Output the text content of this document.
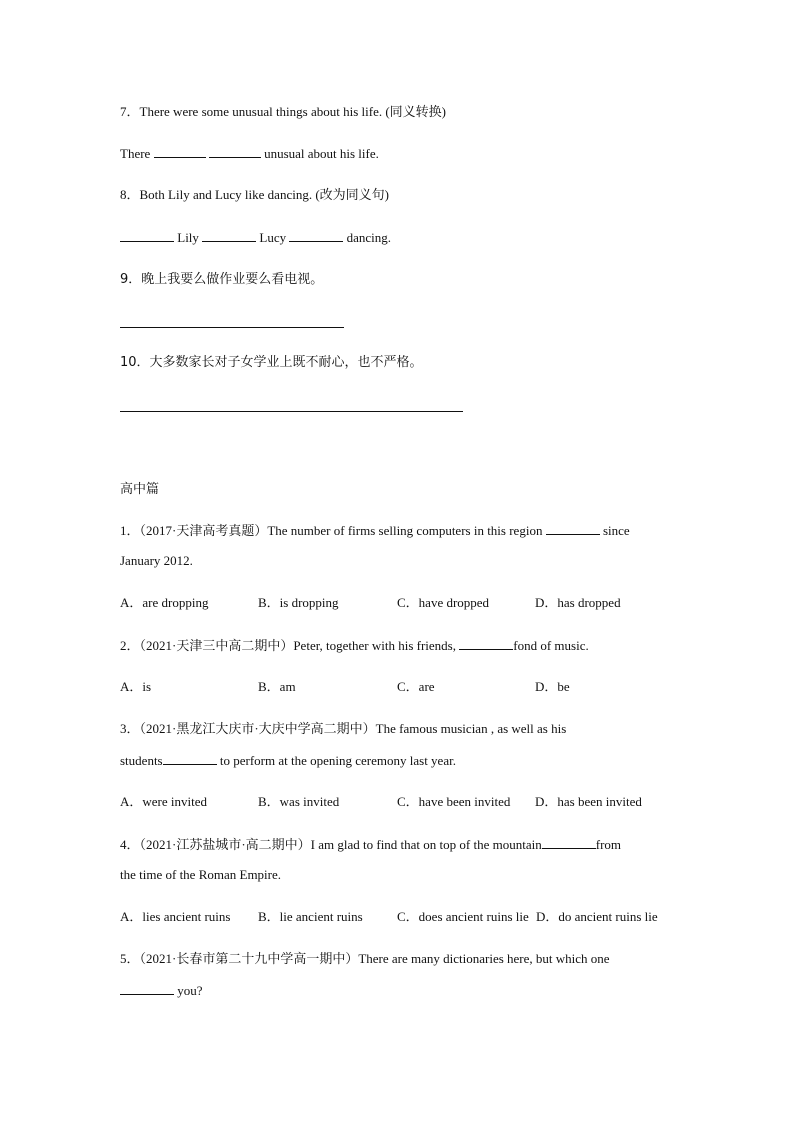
7．There were some unusual things about his life. (同义转换)
There	unusual about his life.
8．Both Lily and Lucy like dancing. (改为同义句)
Lily	Lucy	dancing.
9．晚上我要么做作业要么看电视。
10．大多数家长对子女学业上既不耐心，也不严格。
高中篇
1．（2017·天津高考真题）The number of firms selling computers in this region	since
January 2012.
A．are dropping	B．is dropping	C．have dropped	D．has dropped
2．（2021·天津三中高二期中）Peter, together with his friends,	fond of music.
A．is	B．am	C．are	D．be
3．（2021·黑龙江大庆市·大庆中学高二期中）The famous musician , as well as his
students	to perform at the opening ceremony last year.
A．were invited	B．was invited	C．have been invited D．has been invited
4．（2021·江苏盐城市·高二期中）I am glad to find that on top of the mountain	from
the time of the Roman Empire.
A．lies ancient ruins B．lie ancient ruins	C．does ancient ruins lie D．do ancient ruins lie
5．（2021·长春市第二十九中学高一期中）There are many dictionaries here, but which one
you?
